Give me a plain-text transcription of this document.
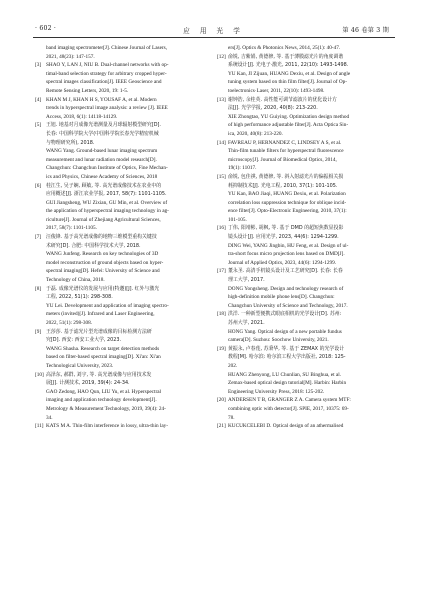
· 602 ·	应 用 光 学	第 46 卷第 3 期
band imaging spectrometer[J]. Chinese Journal of Lasers,
2021, 48(23): 147-157.
[3] SHAO Y, LAN J, NIU B. Dual-channel networks with op-
timal-band selection strategy for arbitrary cropped hyper-
spectral images classification[J]. IEEE Geoscience and
Remote Sensing Letters, 2020, 19: 1-5.
[4] KHAN M J, KHAN H S, YOUSAF A, et al. Modern
trends in hyperspectral image analysis: a review [J]. IEEE
Access, 2018, 6(1): 14118-14129.
[5] 王旭. 地基对月成像光谱测量及月球辐射模型研究[D].
长春: 中国科学院大学(中国科学院长春光学精密机械
与物理研究所), 2018.
WANG Yang. Ground-based lunar imaging spectrum
measurement and lunar radiation model research[D].
Changchun: Changchun Institute of Optics, Fine Mechan-
ics and Physics, Chinese Academy of Sciences, 2018
[6] 桂江生, 吴子娴, 顾敏, 等. 高光谱成像技术在农业中的
应用概述[J]. 浙江农业学报, 2017, 58(7): 1101-1105.
GUI Jiangsheng, WU Zixian, GU Min, et al. Overview of
the application of hyperspectral imaging technology in ag-
riculture[J]. Journal of Zhejiang Agricultural Sciences,
2017, 58(7): 1101-1105.
[7] 汪俊锋. 基于高光谱成像的地物三维模型重构关键技
术研究[D]. 合肥: 中国科学技术大学, 2018.
WANG Junfeng. Research on key technologies of 3D
model reconstruction of ground objects based on hyper-
spectral imaging[D]. Hefei: University of Science and
Technology of China, 2018.
[8] 于磊. 成像光谱仪的发展与应用(特邀)[J]. 红外与激光
工程, 2022, 51(1): 298-308.
YU Lei. Development and application of imaging spectro-
meters (invited)[J]. Infrared and Laser Engineering,
2022, 51(1): 298-308.
[9] 王莎莎. 基于滤光片型光谱成像的目标检测方法研
究[D]. 西安: 西安工业大学, 2023.
WANG Shasha. Research on target detection methods
based on filter-based spectral imaging[D]. Xi'an: Xi'an
Technological University, 2023.
[10] 高泽东, 郝群, 刘宇, 等. 高光谱成像与应用技术发
展[J]. 计测技术, 2019, 39(4): 24-34.
GAO Zedong, HAO Qun, LIU Yu, et al. Hyperspectral
imaging and application technology development[J].
Metrology & Measurement Technology, 2019, 39(4): 24-
34.
[11] KATS M A. Thin-film interference in lossy, ultra-thin lay-
ers[J]. Optics & Photonics News, 2014, 25(1): 40-47.
[12] 俞锐, 吉紫娟, 黄德修, 等. 基于薄膜滤光片的角度调谐
系统设计[J]. 光电子·激光, 2011, 22(10): 1493-1498.
YU Kan, JI Zijuan, HUANG Dexiu, et al. Design of angle
tuning system based on thin film filter[J]. Journal of Op-
toelectronics·Laser, 2011, 22(10): 1493-1498.
[13] 谢钟浩, 余桂英. 高性能可调节滤波片的优化设计方
法[J]. 光学学报, 2020, 40(8): 213-220.
XIE Zhongtao, YU Guiying. Optimization design method
of high performance adjustable filter[J]. Acta Optica Sin-
ica, 2020, 40(8): 213-220.
[14] FAVREAU P, HERNANDEZ C, LINDSEY A S, et al.
Thin-film tunable filters for hyperspectral fluorescence
microscopy[J]. Journal of Biomedical Optics, 2014,
19(1): 11017.
[15] 俞锐, 包佳祺, 黄德修, 等. 斜入射滤光片的偏振相关损
耗抑制技术[J]. 光电工程, 2010, 37(1): 101-105.
YU Kan, BAO Jiaqi, HUANG Dexiu, et al. Polarization
correlation loss suppression technique for oblique incid-
ence filter[J]. Opto-Electronic Engineering, 2010, 37(1):
101-105.
[16] 丁伟, 阳靖彬, 胡枫, 等. 基于 DMD 的超短焦数显投影
镜头设计[J]. 应用光学, 2023, 44(6): 1294-1299.
DING Wei, YANG Jingbin, HU Feng, et al. Design of ul-
tra-short focus micro projection lens based on DMD[J].
Journal of Applied Optics, 2023, 44(6): 1294-1299.
[17] 董永圣. 高清手机镜头设计及工艺研究[D]. 长春: 长春
理工大学, 2017.
DONG Yongsheng. Design and technology research of
high-definition mobile phone lens[D]. Changchun:
Changchun University of Science and Technology, 2017.
[18] 洪洋. 一种新型便携式眼底相机的光学设计[D]. 苏州:
苏州大学, 2021.
HONG Yang. Optical design of a new portable fundus
camera[D]. Suzhou: Soochow University, 2021.
[19] 黄振永, 卢春莲, 苏秉华, 等. 基于 ZEMAX 的光学设计
教程[M]. 哈尔滨: 哈尔滨工程大学出版社, 2018: 125-
202.
HUANG Zhenyong, LU Chunlian, SU Binghua, et al.
Zemax-based optical design tutorial[M]. Harbin: Harbin
Engineering University Press, 2018: 125-202.
[20] ANDERSEN T B, GRANGER Z A. Camera system MTF:
combining optic with detector[J]. SPIE, 2017, 10375: 69-
78.
[21] KUCUKCELEBI D. Optical design of an athermalised
